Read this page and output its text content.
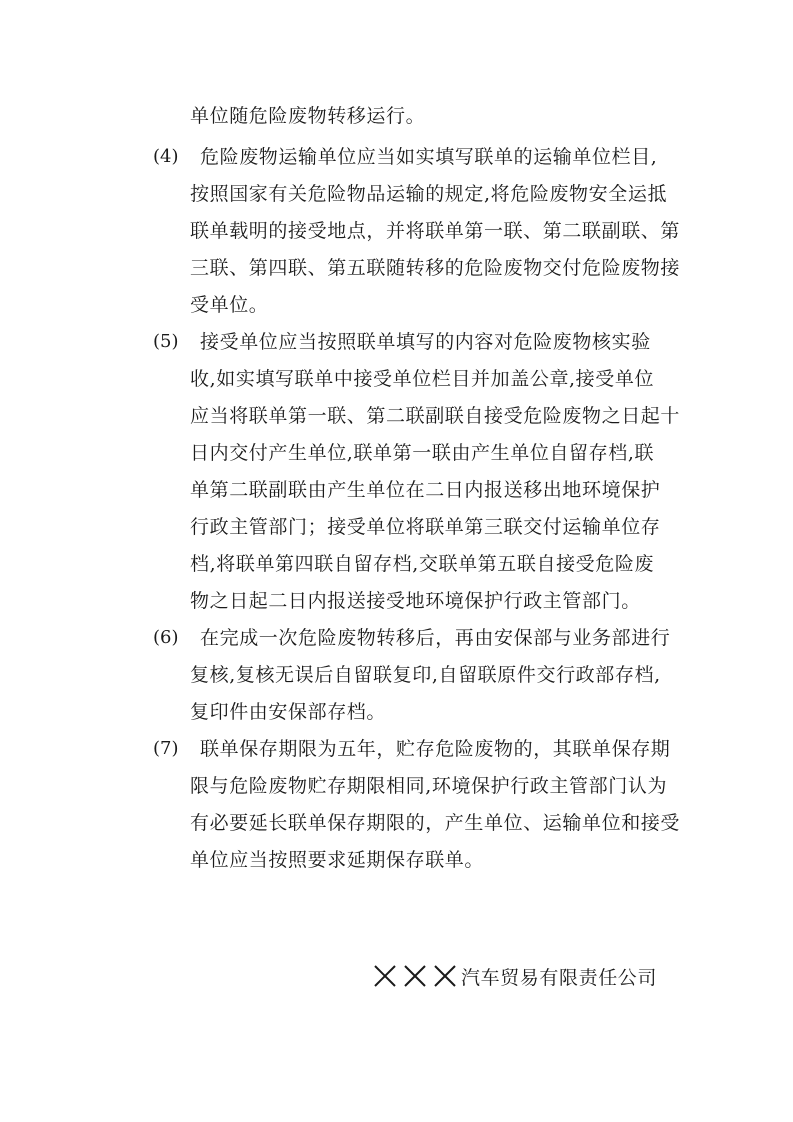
单位随危险废物转移运行。
(4) 危险废物运输单位应当如实填写联单的运输单位栏目,
按照国家有关危险物品运输的规定,将危险废物安全运抵
联单载明的接受地点，并将联单第一联、第二联副联、第
三联、第四联、第五联随转移的危险废物交付危险废物接
受单位。
(5) 接受单位应当按照联单填写的内容对危险废物核实验
收,如实填写联单中接受单位栏目并加盖公章,接受单位
应当将联单第一联、第二联副联自接受危险废物之日起十
日内交付产生单位,联单第一联由产生单位自留存档,联
单第二联副联由产生单位在二日内报送移出地环境保护
行政主管部门；接受单位将联单第三联交付运输单位存
档,将联单第四联自留存档,交联单第五联自接受危险废
物之日起二日内报送接受地环境保护行政主管部门。
(6) 在完成一次危险废物转移后，再由安保部与业务部进行
复核,复核无误后自留联复印,自留联原件交行政部存档,
复印件由安保部存档。
(7) 联单保存期限为五年，贮存危险废物的，其联单保存期
限与危险废物贮存期限相同,环境保护行政主管部门认为
有必要延长联单保存期限的，产生单位、运输单位和接受
单位应当按照要求延期保存联单。
汽车贸易有限责任公司
